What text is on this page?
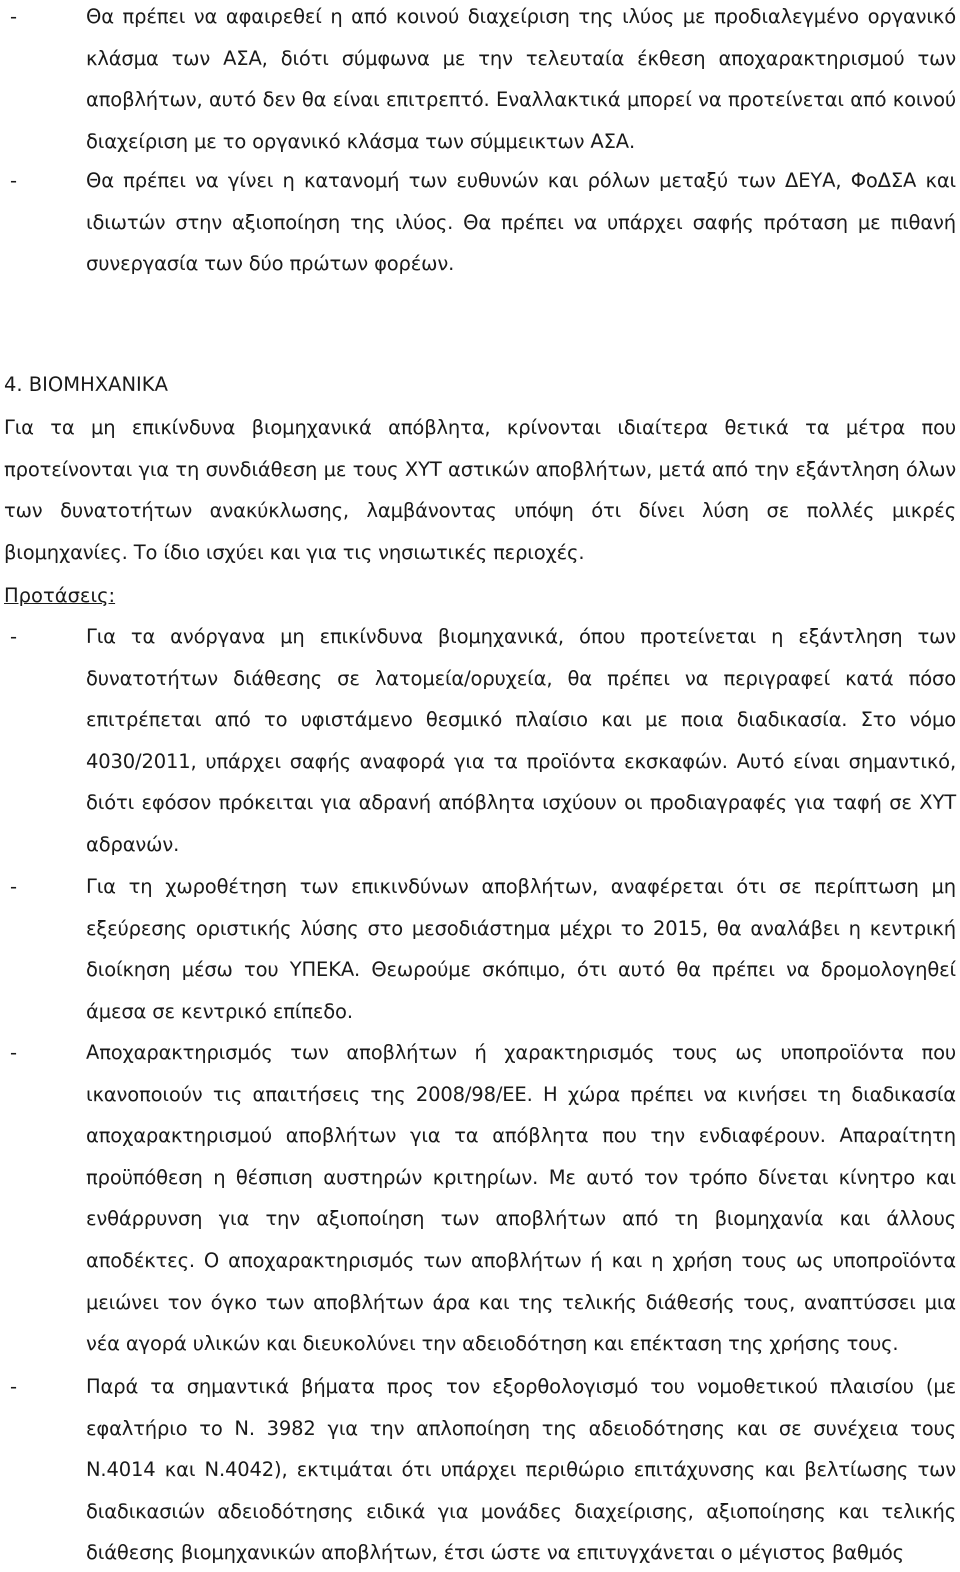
-	Θα πρέπει να αφαιρεθεί η από κοινού διαχείριση της ιλύος με προδιαλεγμένο οργανικό κλάσμα των ΑΣΑ, διότι σύμφωνα με την τελευταία έκθεση αποχαρακτηρισμού των αποβλήτων, αυτό δεν θα είναι επιτρεπτό. Εναλλακτικά μπορεί να προτείνεται από κοινού διαχείριση με το οργανικό κλάσμα των σύμμεικτων ΑΣΑ.

-	Θα πρέπει να γίνει η κατανομή των ευθυνών και ρόλων μεταξύ των ΔΕΥΑ, ΦοΔΣΑ και ιδιωτών στην αξιοποίηση της ιλύος. Θα πρέπει να υπάρχει σαφής πρόταση με πιθανή συνεργασία των δύο πρώτων φορέων.

4. ΒΙΟΜΗΧΑΝΙΚΑ

Για τα μη επικίνδυνα βιομηχανικά απόβλητα, κρίνονται ιδιαίτερα θετικά τα μέτρα που προτείνονται για τη συνδιάθεση με τους ΧΥΤ αστικών αποβλήτων, μετά από την εξάντληση όλων των δυνατοτήτων ανακύκλωσης, λαμβάνοντας υπόψη ότι δίνει λύση σε πολλές μικρές βιομηχανίες. Το ίδιο ισχύει και για τις νησιωτικές περιοχές.

Προτάσεις:
-	Για τα ανόργανα μη επικίνδυνα βιομηχανικά, όπου προτείνεται η εξάντληση των δυνατοτήτων διάθεσης σε λατομεία/ορυχεία, θα πρέπει να περιγραφεί κατά πόσο επιτρέπεται από το υφιστάμενο θεσμικό πλαίσιο και με ποια διαδικασία. Στο νόμο 4030/2011, υπάρχει σαφής αναφορά για τα προϊόντα εκσκαφών. Αυτό είναι σημαντικό, διότι εφόσον πρόκειται για αδρανή απόβλητα ισχύουν οι προδιαγραφές για ταφή σε ΧΥΤ αδρανών.

-	Για τη χωροθέτηση των επικινδύνων αποβλήτων, αναφέρεται ότι σε περίπτωση μη εξεύρεσης οριστικής λύσης στο μεσοδιάστημα μέχρι το 2015, θα αναλάβει η κεντρική διοίκηση μέσω του ΥΠΕΚΑ. Θεωρούμε σκόπιμο, ότι αυτό θα πρέπει να δρομολογηθεί άμεσα σε κεντρικό επίπεδο.

-	Αποχαρακτηρισμός των αποβλήτων ή χαρακτηρισμός τους ως υποπροϊόντα που ικανοποιούν τις απαιτήσεις της 2008/98/ΕΕ. Η χώρα πρέπει να κινήσει τη διαδικασία αποχαρακτηρισμού αποβλήτων για τα απόβλητα που την ενδιαφέρουν. Απαραίτητη προϋπόθεση η θέσπιση αυστηρών κριτηρίων. Με αυτό τον τρόπο δίνεται κίνητρο και ενθάρρυνση για την αξιοποίηση των αποβλήτων από τη βιομηχανία και άλλους αποδέκτες. Ο αποχαρακτηρισμός των αποβλήτων ή και η χρήση τους ως υποπροϊόντα μειώνει τον όγκο των αποβλήτων άρα και της τελικής διάθεσής τους, αναπτύσσει μια νέα αγορά υλικών και διευκολύνει την αδειοδότηση και επέκταση της χρήσης τους.

-	Παρά τα σημαντικά βήματα προς τον εξορθολογισμό του νομοθετικού πλαισίου (με εφαλτήριο το Ν. 3982 για την απλοποίηση της αδειοδότησης και σε συνέχεια τους Ν.4014 και Ν.4042), εκτιμάται ότι υπάρχει περιθώριο επιτάχυνσης και βελτίωσης των διαδικασιών αδειοδότησης ειδικά για μονάδες διαχείρισης, αξιοποίησης και τελικής διάθεσης βιομηχανικών αποβλήτων, έτσι ώστε να επιτυγχάνεται ο μέγιστος βαθμός
